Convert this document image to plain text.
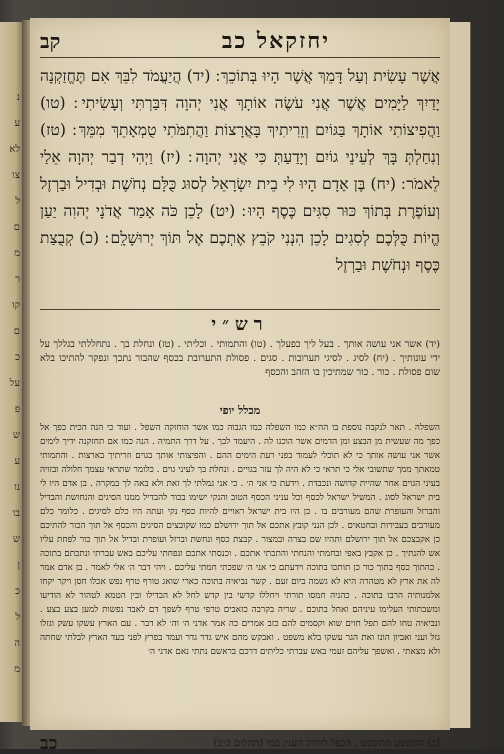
נ
ע
לא
צו
ל
ם
מ
ר
קו
ם
כ
על
פ
ש
ע
נו
בו
ש
ן
כ
ל
ה
מ
יחזקאל כב
קב
אֲשֶׁר עָשִׂית וְעַל דָּמֵךְ אֲשֶׁר הָיוּ בְּתוֹכֵךְ ׃ (יד) הֲיַעֲמֹד לִבֵּךְ אִם תֶּחֱזַקְנָה יָדַיִךְ לַיָּמִים אֲשֶׁר אֲנִי עֹשֶׂה אוֹתָךְ אֲנִי יְהוָה דִּבַּרְתִּי וְעָשִׂיתִי ׃ (טו) וַהֲפִיצוֹתִי אוֹתָךְ בַּגּוֹיִם וְזֵרִיתִיךְ בָּאֲרָצוֹת וַהֲתִמֹּתִי טֻמְאָתֵךְ מִמֵּךְ ׃ (טז) וְנִחַלְתְּ בָּךְ לְעֵינֵי גוֹיִם וְיָדַעַתְּ כִּי אֲנִי יְהוָה ׃ (יז) וַיְהִי דְבַר יְהוָה אֵלַי לֵאמֹר ׃ (יח) בֶּן אָדָם הָיוּ לִי בֵית יִשְׂרָאֵל לְסוּג כֻּלָּם נְחֹשֶׁת וּבְדִיל וּבַרְזֶל וְעוֹפֶרֶת בְּתוֹךְ כּוּר סִגִּים כֶּסֶף הָיוּ ׃ (יט) לָכֵן כֹּה אָמַר אֲדֹנָי יְהוִה יַעַן הֱיוֹת כֻּלְּכֶם לְסִגִים לָכֵן הִנְנִי קֹבֵץ אֶתְכֶם אֶל תּוֹךְ יְרוּשָׁלִָם ׃ (כ) קְבֻצַת כֶּסֶף וּנְחֹשֶׁת וּבַרְזֶל
רש״י
(יד) אשר אני עושה אותך . בעל ליך כפעלך . (טו) והתמותי . וכליתי . (טז) ונחלת בך . נתחללתי בגללך על ידי עונותיך . (יח) לסיג . לסיגי תערובות . סגים . פסולת התערובת בכסף שהבור נתכך ונפקר להתיכו בלא שום פסולת . כור . כור שמתיכין בו הזהב והכסף
מכלל יופי
השפלה . תאר לנקבה נוספת בו הה״א כמו השפלה כמו הגבוה כמו אשר הוחזקה השפל . ועוד כי הנה הכית כפך אל כפך מה שעשית מן הבצע ומן הדמים אשר הוכנו לה . היעמד לבך . על דרך התמיה . הנה כמו אם תחזקנה ידיך לימים אשר אני עושה אותך כי לא תוכלי לעמוד בפני רעת הימים ההם . והפיצותי אותך בגוים וזריתיך בארצות . והתמותי טמאתך ממך שתשובי אלי כי תראי כי לא היה לך עזר בגויים . ונחלת בך לעיני גוים . כלומר שתראי עצמך חלולה ובזויה בעיני הגוים אחר שהיית קדושה ונכבדת . וידעת כי אני ה׳ . כי אני גמלתי לך זאת ולא באה לך במקרה . בן אדם היו לי בית ישראל לסוג . המשיל ישראל לכסף וכל עניני הכסף הטוב והנקי ישימו בכור להבדיל ממנו הסיגים והנחושת והבדיל והברזל והעופרת שהם מעורבים בו . כן היו בית ישראל ראויים להיות כסף נקי ועתה היו כלם לסיגים . כלומר כלם מעורבים בעבירות ובחטאים . לכן הנני קובץ אתכם אל תוך ירושלם כמו שקובצים הסיגים והכסף אל תוך הכור להתיכם כן אקבצכם אל תוך ירושלם ותהיו שם בצרה ובמצור . קבצת כסף ונחשת וברזל ועופרת ובדיל אל תוך כור לפחת עליו אש להנתיך . כן אקבץ באפי ובחמתי והנחתי והתכתי אתכם . וכנסתי אתכם ונפחתי עליכם באש עברתי ונתכתם בתוכה . כהתוך כסף בתוך כור כן תותכו בתוכה וידעתם כי אני ה׳ שפכתי חמתי עליכם . ויהי דבר ה׳ אלי לאמר . בן אדם אמר לה את ארץ לא מטהרה היא לא גשמה ביום זעם . קשר נביאיה בתוכה כארי שואג טורף טרף נפש אכלו חסן ויקר יקחו אלמנותיה הרבו בתוכה . כהניה חמסו תורתי ויחללו קדשי בין קדש לחל לא הבדילו ובין הטמא לטהור לא הודיעו ומשבתותי העלימו עיניהם ואחל בתוכם . שריה בקרבה כזאבים טרפי טרף לשפך דם לאבד נפשות למען בצע בצע . ונביאיה טחו להם תפל חזים שוא וקסמים להם כזב אמרים כה אמר אדני ה׳ וה׳ לא דבר . עם הארץ עשקו עשק וגזלו גזל ועני ואביון הונו ואת הגר עשקו בלא משפט . ואבקש מהם איש גדר גדר ועמד בפרץ לפני בעד הארץ לבלתי שחתה ולא מצאתי . ואשפך עליהם זעמי באש עברתי כליתים דרכם בראשם נתתי נאם אדני ה׳
(ב) התשפט התשפט , הכפל לחזוק הענין כמו (תהלים כ״ב)
כב
